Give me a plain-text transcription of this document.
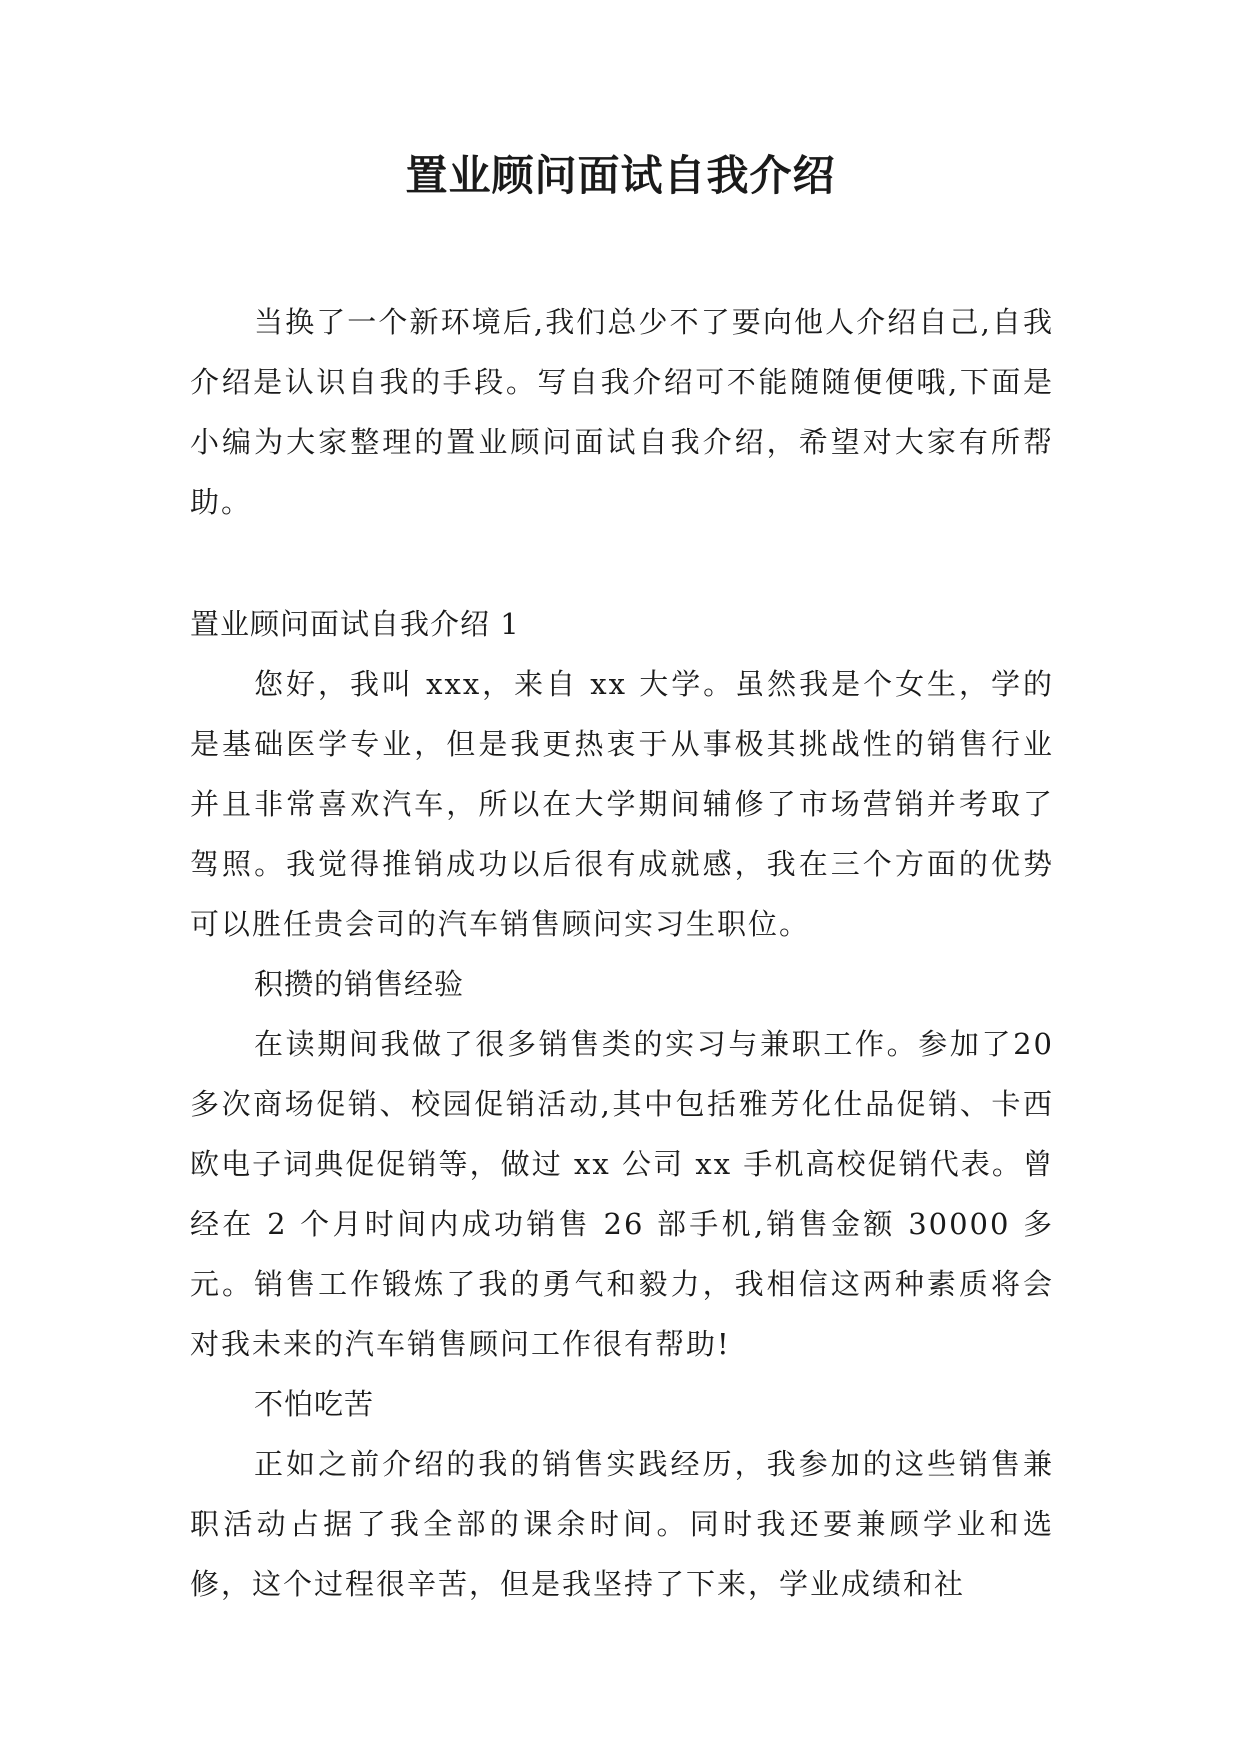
置业顾问面试自我介绍

当换了一个新环境后,我们总少不了要向他人介绍自己,自我介绍是认识自我的手段。写自我介绍可不能随随便便哦,下面是小编为大家整理的置业顾问面试自我介绍，希望对大家有所帮助。

置业顾问面试自我介绍 1

您好，我叫 xxx，来自 xx 大学。虽然我是个女生，学的是基础医学专业，但是我更热衷于从事极其挑战性的销售行业并且非常喜欢汽车，所以在大学期间辅修了市场营销并考取了驾照。我觉得推销成功以后很有成就感，我在三个方面的优势可以胜任贵会司的汽车销售顾问实习生职位。

积攒的销售经验

在读期间我做了很多销售类的实习与兼职工作。参加了20 多次商场促销、校园促销活动,其中包括雅芳化仕品促销、卡西欧电子词典促促销等，做过 xx 公司 xx 手机高校促销代表。曾经在 2 个月时间内成功销售 26 部手机,销售金额 30000 多元。销售工作锻炼了我的勇气和毅力，我相信这两种素质将会对我未来的汽车销售顾问工作很有帮助!

不怕吃苦

正如之前介绍的我的销售实践经历，我参加的这些销售兼职活动占据了我全部的课余时间。同时我还要兼顾学业和选修，这个过程很辛苦，但是我坚持了下来，学业成绩和社
